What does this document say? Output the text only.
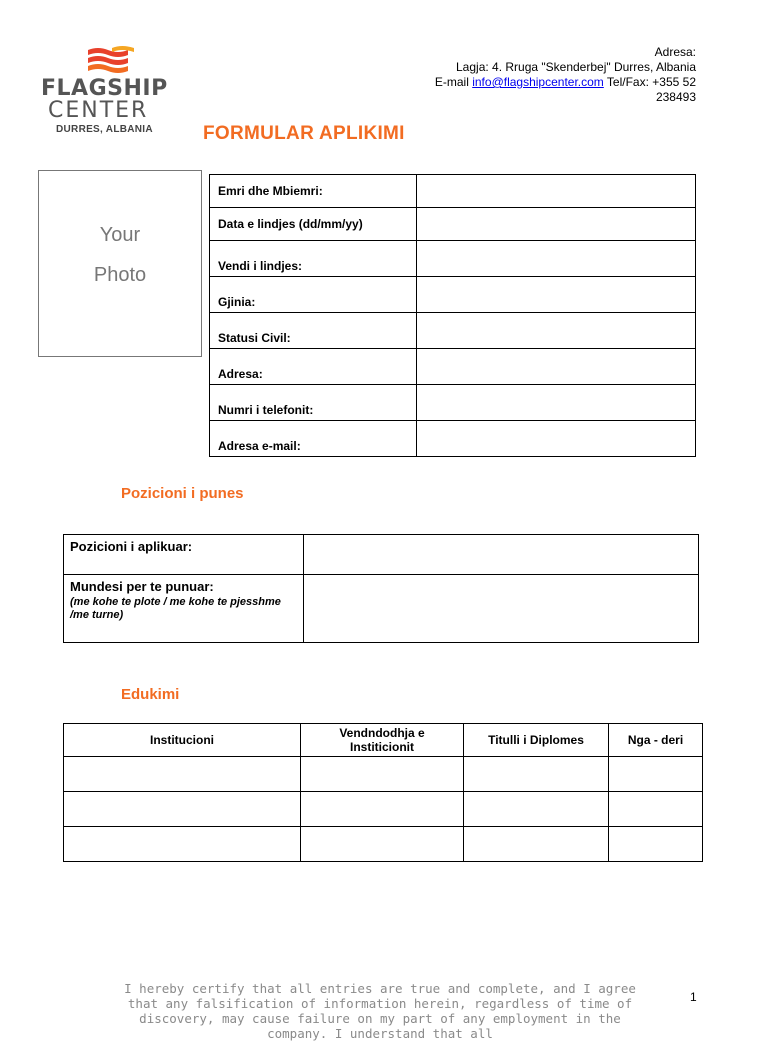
FLAGSHIP
CENTER
DURRES, ALBANIA
Adresa:
Lagja: 4. Rruga "Skenderbej" Durres, Albania
E-mail info@flagshipcenter.com Tel/Fax: +355 52
238493
FORMULAR APLIKIMI
Your
Photo
Emri dhe Mbiemri:	
Data e lindjes (dd/mm/yy)	
Vendi i lindjes:	
Gjinia:	
Statusi Civil:	
Adresa:	
Numri i telefonit:	
Adresa e-mail:	
Pozicioni i punes
Pozicioni i aplikuar:	

Mundesi per te punuar:
(me kohe te plote / me kohe te pjesshme /me turne)	

Edukimi
Institucioni	Vendndodhja e Institicionit	Titulli i Diplomes	Nga - deri

I hereby certify that all entries are true and complete, and I agree that any falsification of information herein, regardless of time of discovery, may cause failure on my part of any employment in the company. I understand that all
1
